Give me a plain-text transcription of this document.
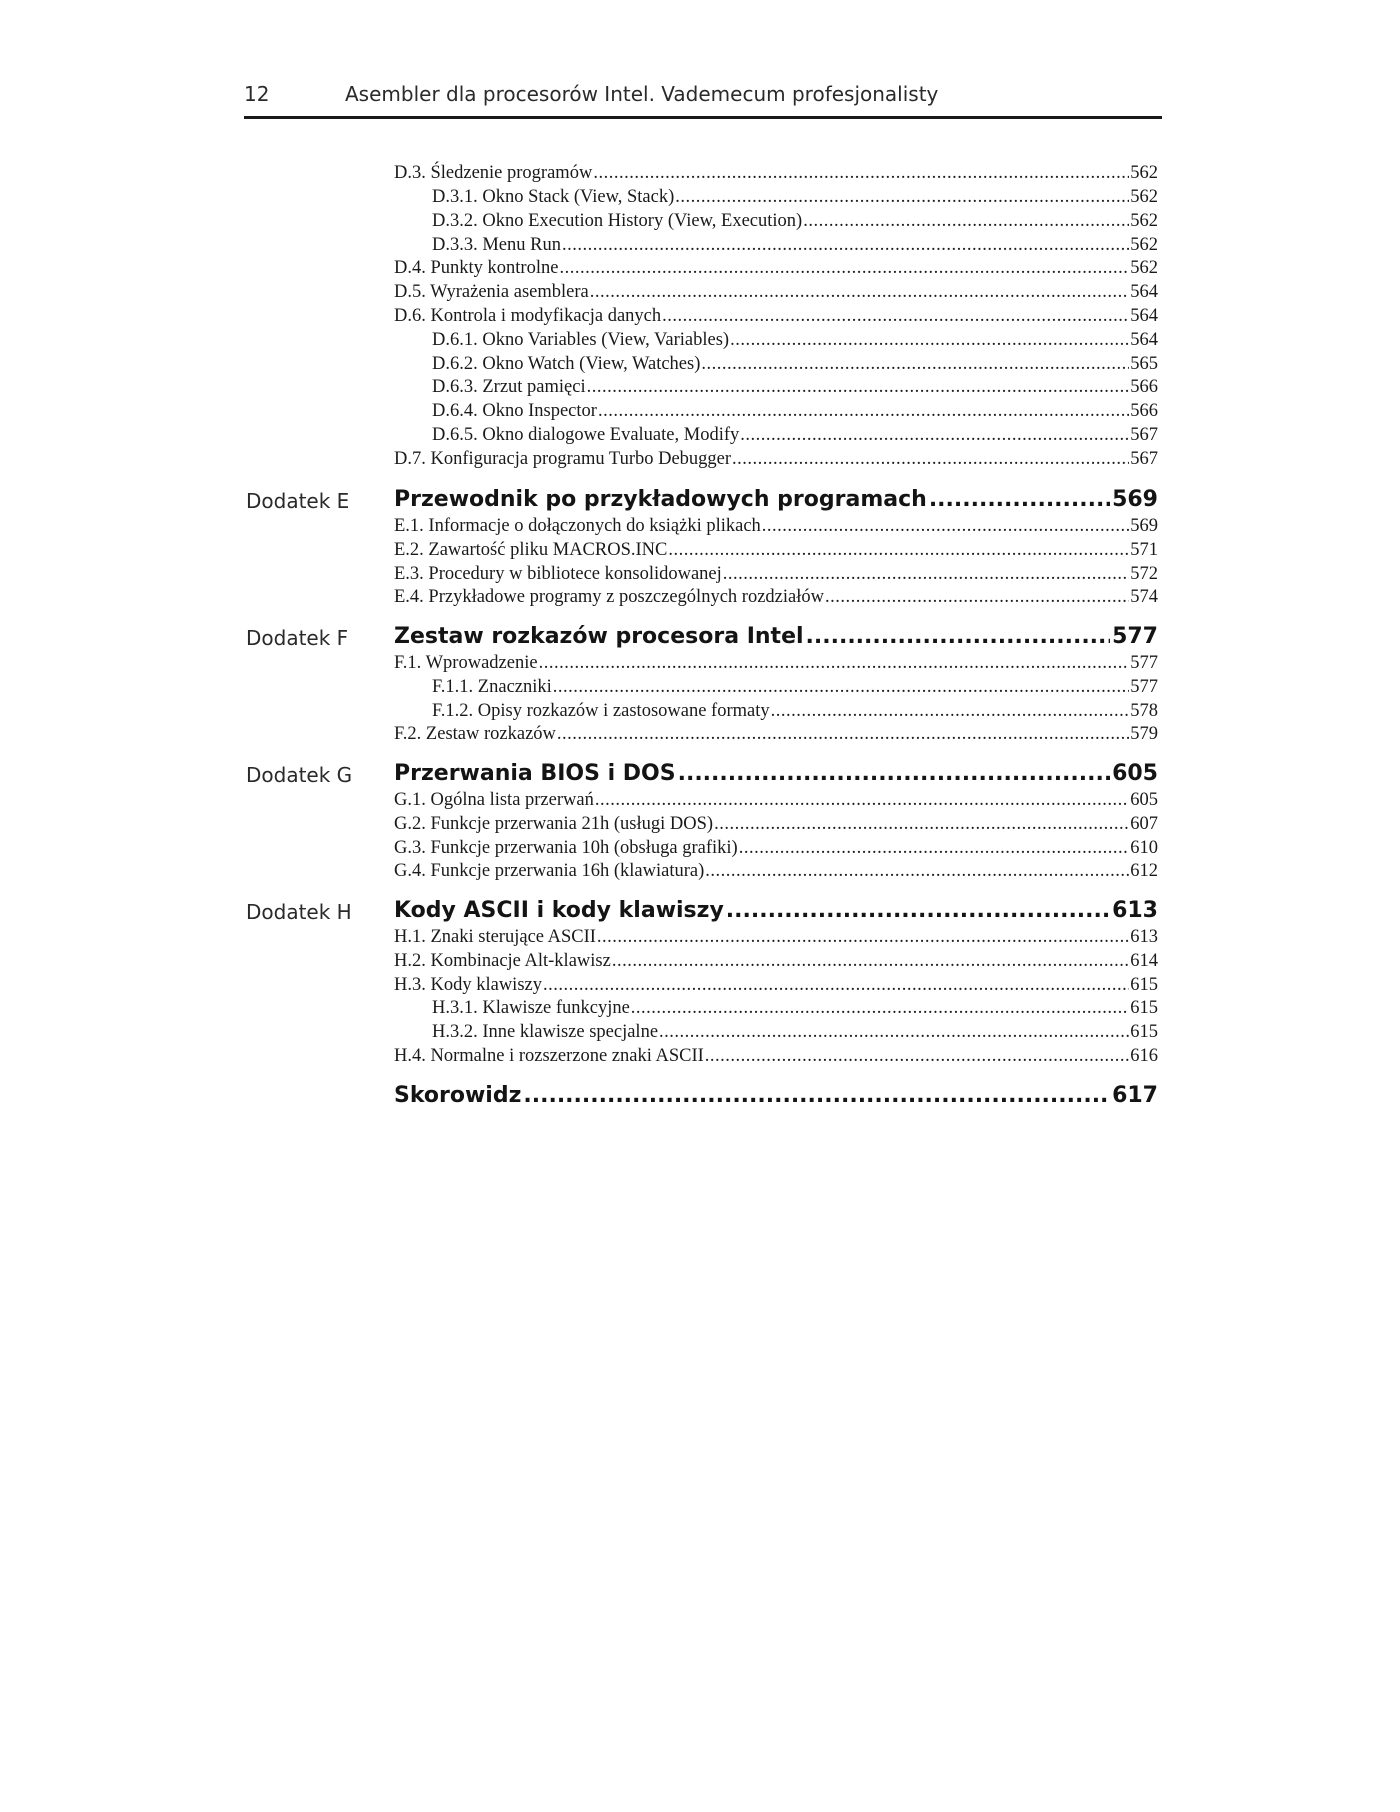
12	Asembler dla procesorów Intel. Vademecum profesjonalisty
D.3. Śledzenie programów .....	562
D.3.1. Okno Stack (View, Stack) .....	562
D.3.2. Okno Execution History (View, Execution) .....	562
D.3.3. Menu Run .....	562
D.4. Punkty kontrolne .....	562
D.5. Wyrażenia asemblera .....	564
D.6. Kontrola i modyfikacja danych .....	564
D.6.1. Okno Variables (View, Variables) .....	564
D.6.2. Okno Watch (View, Watches) .....	565
D.6.3. Zrzut pamięci .....	566
D.6.4. Okno Inspector .....	566
D.6.5. Okno dialogowe Evaluate, Modify .....	567
D.7. Konfiguracja programu Turbo Debugger .....	567
Dodatek E Przewodnik po przykładowych programach .....	569
E.1. Informacje o dołączonych do książki plikach .....	569
E.2. Zawartość pliku MACROS.INC .....	571
E.3. Procedury w bibliotece konsolidowanej .....	572
E.4. Przykładowe programy z poszczególnych rozdziałów .....	574
Dodatek F Zestaw rozkazów procesora Intel .....	577
F.1. Wprowadzenie .....	577
F.1.1. Znaczniki .....	577
F.1.2. Opisy rozkazów i zastosowane formaty .....	578
F.2. Zestaw rozkazów .....	579
Dodatek G Przerwania BIOS i DOS .....	605
G.1. Ogólna lista przerwań .....	605
G.2. Funkcje przerwania 21h (usługi DOS) .....	607
G.3. Funkcje przerwania 10h (obsługa grafiki) .....	610
G.4. Funkcje przerwania 16h (klawiatura) .....	612
Dodatek H Kody ASCII i kody klawiszy .....	613
H.1. Znaki sterujące ASCII .....	613
H.2. Kombinacje Alt-klawisz .....	614
H.3. Kody klawiszy .....	615
H.3.1. Klawisze funkcyjne .....	615
H.3.2. Inne klawisze specjalne .....	615
H.4. Normalne i rozszerzone znaki ASCII .....	616
Skorowidz .....	617
